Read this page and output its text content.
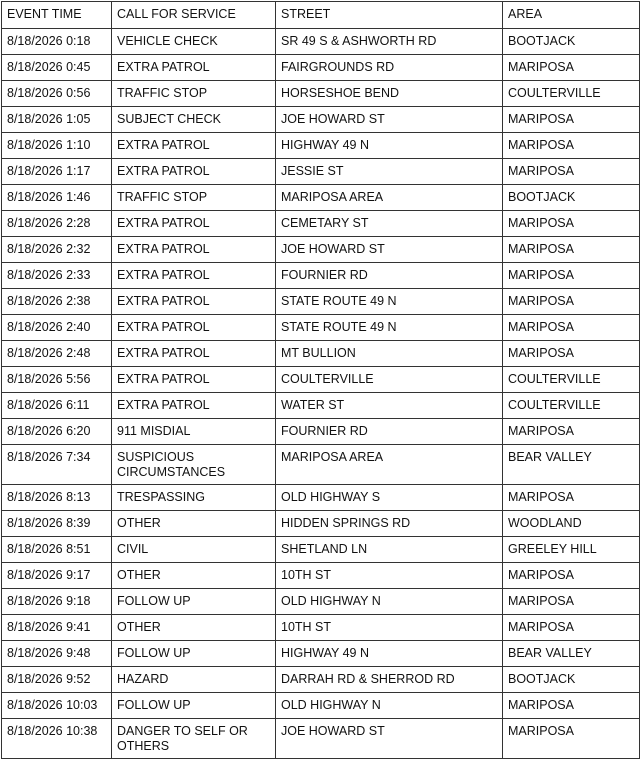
EVENT TIME	CALL FOR SERVICE	STREET	AREA
8/18/2026 0:18	VEHICLE CHECK	SR 49 S & ASHWORTH RD	BOOTJACK
8/18/2026 0:45	EXTRA PATROL	FAIRGROUNDS RD	MARIPOSA
8/18/2026 0:56	TRAFFIC STOP	HORSESHOE BEND	COULTERVILLE
8/18/2026 1:05	SUBJECT CHECK	JOE HOWARD ST	MARIPOSA
8/18/2026 1:10	EXTRA PATROL	HIGHWAY 49 N	MARIPOSA
8/18/2026 1:17	EXTRA PATROL	JESSIE ST	MARIPOSA
8/18/2026 1:46	TRAFFIC STOP	MARIPOSA AREA	BOOTJACK
8/18/2026 2:28	EXTRA PATROL	CEMETARY ST	MARIPOSA
8/18/2026 2:32	EXTRA PATROL	JOE HOWARD ST	MARIPOSA
8/18/2026 2:33	EXTRA PATROL	FOURNIER RD	MARIPOSA
8/18/2026 2:38	EXTRA PATROL	STATE ROUTE 49 N	MARIPOSA
8/18/2026 2:40	EXTRA PATROL	STATE ROUTE 49 N	MARIPOSA
8/18/2026 2:48	EXTRA PATROL	MT BULLION	MARIPOSA
8/18/2026 5:56	EXTRA PATROL	COULTERVILLE	COULTERVILLE
8/18/2026 6:11	EXTRA PATROL	WATER ST	COULTERVILLE
8/18/2026 6:20	911 MISDIAL	FOURNIER RD	MARIPOSA
8/18/2026 7:34	SUSPICIOUS CIRCUMSTANCES	MARIPOSA AREA	BEAR VALLEY
8/18/2026 8:13	TRESPASSING	OLD HIGHWAY S	MARIPOSA
8/18/2026 8:39	OTHER	HIDDEN SPRINGS RD	WOODLAND
8/18/2026 8:51	CIVIL	SHETLAND LN	GREELEY HILL
8/18/2026 9:17	OTHER	10TH ST	MARIPOSA
8/18/2026 9:18	FOLLOW UP	OLD HIGHWAY N	MARIPOSA
8/18/2026 9:41	OTHER	10TH ST	MARIPOSA
8/18/2026 9:48	FOLLOW UP	HIGHWAY 49 N	BEAR VALLEY
8/18/2026 9:52	HAZARD	DARRAH RD & SHERROD RD	BOOTJACK
8/18/2026 10:03	FOLLOW UP	OLD HIGHWAY N	MARIPOSA
8/18/2026 10:38	DANGER TO SELF OR OTHERS	JOE HOWARD ST	MARIPOSA
